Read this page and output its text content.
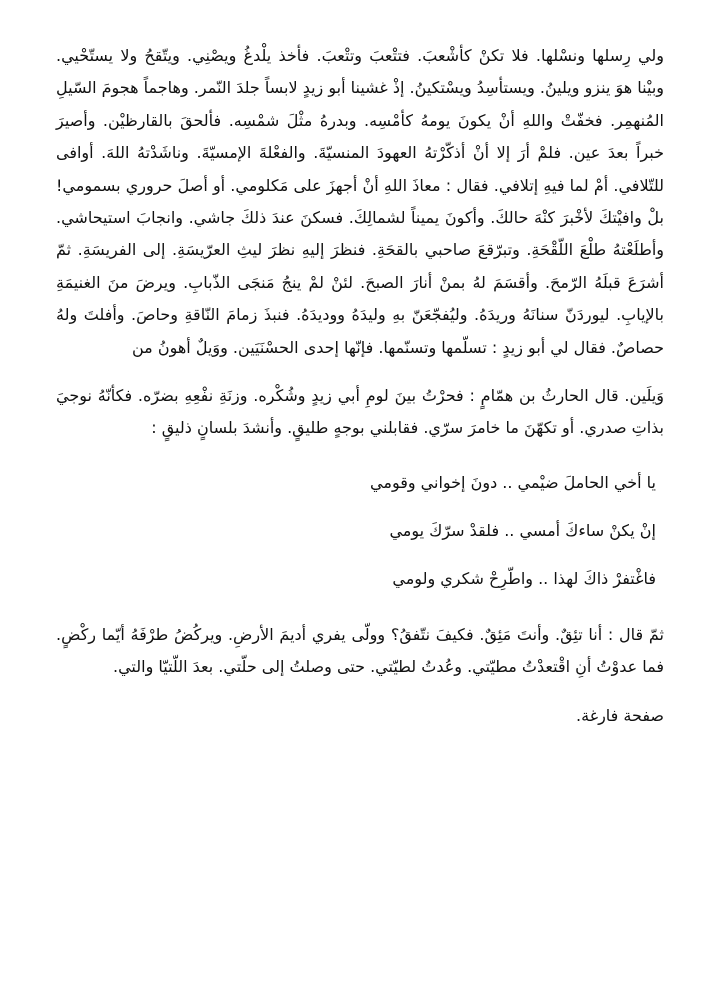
ولي رِسلها ونسْلها. فلا تكنْ كأشْعبَ. فتتْعبَ وتتْعبَ. فأخذ يلْدغُ ويصْنِي. ويتّقحُ ولا يستّحْيي. وبيْنا هوَ ينزو ويلينُ. ويستأسِدُ ويسْتكينُ. إذْ غشينا أبو زيدٍ لابساً جلدَ النّمر. وهاجماً هجومَ السّيلِ المُنهمِر. فخفّتْ واللهِ أنْ يكونَ يومهُ كأمْسِه. وبدرهُ مثْلَ شمْسِه. فألحقَ بالقارظيْن. وأصيرَ خبراً بعدَ عين. فلمْ أرَ إلا أنْ أذكّرْتهُ العهودَ المنسيّةَ. والفعْلةَ الإمسيّةَ. وناشَدْتهُ اللهَ. أوافى للتّلافي. أمْ لما فيهِ إتلافي. فقال : معاذَ اللهِ أنْ أجهزَ على مَكلومي. أو أصلَ حروري بسمومي! بلْ وافيْتكَ لأخْبرَ كنْهَ حالكَ. وأكونَ يميناً لشمالِكَ. فسكنَ عندَ ذلكَ جاشي. وانجابَ استيحاشي. وأطلَعْتهُ طلْعَ اللّقْحَةِ. وتبرّقعَ صاحبي بالقحَةِ. فنظرَ إليهِ نظرَ ليثِ العرّيسَةِ. إلى الفريسَةِ. ثمّ أشرَعَ قبلَهُ الرّمحَ. وأقسَمَ لهُ بمنْ أنارَ الصبحَ. لئنْ لمْ ينجُ مَنجَى الذّبابِ. ويرضَ منَ الغنيمَةِ بالإيابِ. ليوردَنّ سنانَهُ وريدَهُ. وليُفجّعَنّ بهِ وليدَهُ ووديدَهُ. فنبذَ زمامَ النّاقةِ وحاصَ. وأفلتَ ولهُ حصاصٌ. فقال لي أبو زيدٍ : تسلّمها وتسنّمها. فإنّها إحدى الحسْنَيَين. ووَيلٌ أهونُ من

وَيلَين. قال الحارثُ بن همّامٍ : فحرْتُ بينَ لومِ أبي زيدٍ وشُكْره. وزنَةِ نفْعِهِ بضرّه. فكأنّهُ نوجيَ بذاتِ صدري. أو تكهّنَ ما خامرَ سرّي. فقابلني بوجهٍ طليقٍ. وأنشدَ بلسانٍ ذليقٍ :

يا أخي الحاملَ ضيْمي .. دونَ إخواني وقومي

إنْ يكنْ ساءكَ أمسي .. فلقدْ سرّكَ يومي

فاغْتفرْ ذاكَ لهذا .. واطّرِحْ شكري ولومي

ثمّ قال : أنا تئِقٌ. وأنتَ مَئِقٌ. فكيفَ نتّفقُ؟ وولّى يفري أديمَ الأرضِ. ويركُضُ طرْفَهُ أيّما ركْضٍ. فما عدوْتُ أنِ اقْتعدْتُ مطيّتي. وعُدتُ لطيّتي. حتى وصلتُ إلى حلّتي. بعدَ اللّتيّا والتي.

صفحة فارغة.
